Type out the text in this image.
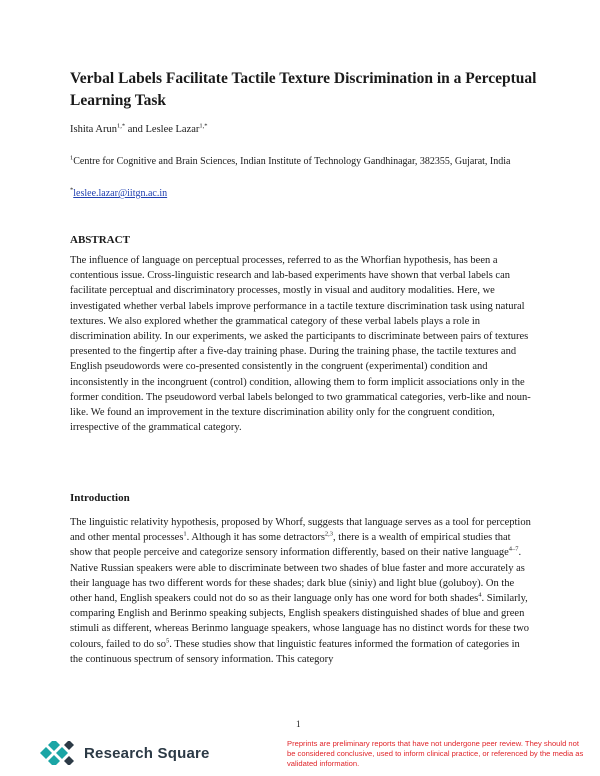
Verbal Labels Facilitate Tactile Texture Discrimination in a Perceptual Learning Task
Ishita Arun$^{1,*}$ and Leslee Lazar$^{1,*}$
$^1$Centre for Cognitive and Brain Sciences, Indian Institute of Technology Gandhinagar, 382355, Gujarat, India
*leslee.lazar@iitgn.ac.in
ABSTRACT

The influence of language on perceptual processes, referred to as the Whorfian hypothesis, has been a contentious issue. Cross-linguistic research and lab-based experiments have shown that verbal labels can facilitate perceptual and discriminatory processes, mostly in visual and auditory modalities. Here, we investigated whether verbal labels improve performance in a tactile texture discrimination task using natural textures. We also explored whether the grammatical category of these verbal labels plays a role in discrimination ability. In our experiments, we asked the participants to discriminate between pairs of textures presented to the fingertip after a five-day training phase. During the training phase, the tactile textures and English pseudowords were co-presented consistently in the congruent (experimental) condition and inconsistently in the incongruent (control) condition, allowing them to form implicit associations only in the former condition. The pseudoword verbal labels belonged to two grammatical categories, verb-like and noun-like. We found an improvement in the texture discrimination ability only for the congruent condition, irrespective of the grammatical category.

Introduction

The linguistic relativity hypothesis, proposed by Whorf, suggests that language serves as a tool for perception and other mental processes$^1$. Although it has some detractors$^{2,3}$, there is a wealth of empirical studies that show that people perceive and categorize sensory information differently, based on their native language$^{4-7}$. Native Russian speakers were able to discriminate between two shades of blue faster and more accurately as their language has two different words for these shades; dark blue (siniy) and light blue (goluboy). On the other hand, English speakers could not do so as their language only has one word for both shades$^4$. Similarly, comparing English and Berinmo speaking subjects, English speakers distinguished shades of blue and green stimuli as different, whereas Berinmo language speakers, whose language has no distinct words for these two colours, failed to do $so^5$. These studies show that linguistic features informed the formation of categories in the continuous spectrum of sensory information. This category

1
Research Square
Preprints are preliminary reports that have not undergone peer review. They should not be considered conclusive, used to inform clinical practice, or referenced by the media as validated information.
